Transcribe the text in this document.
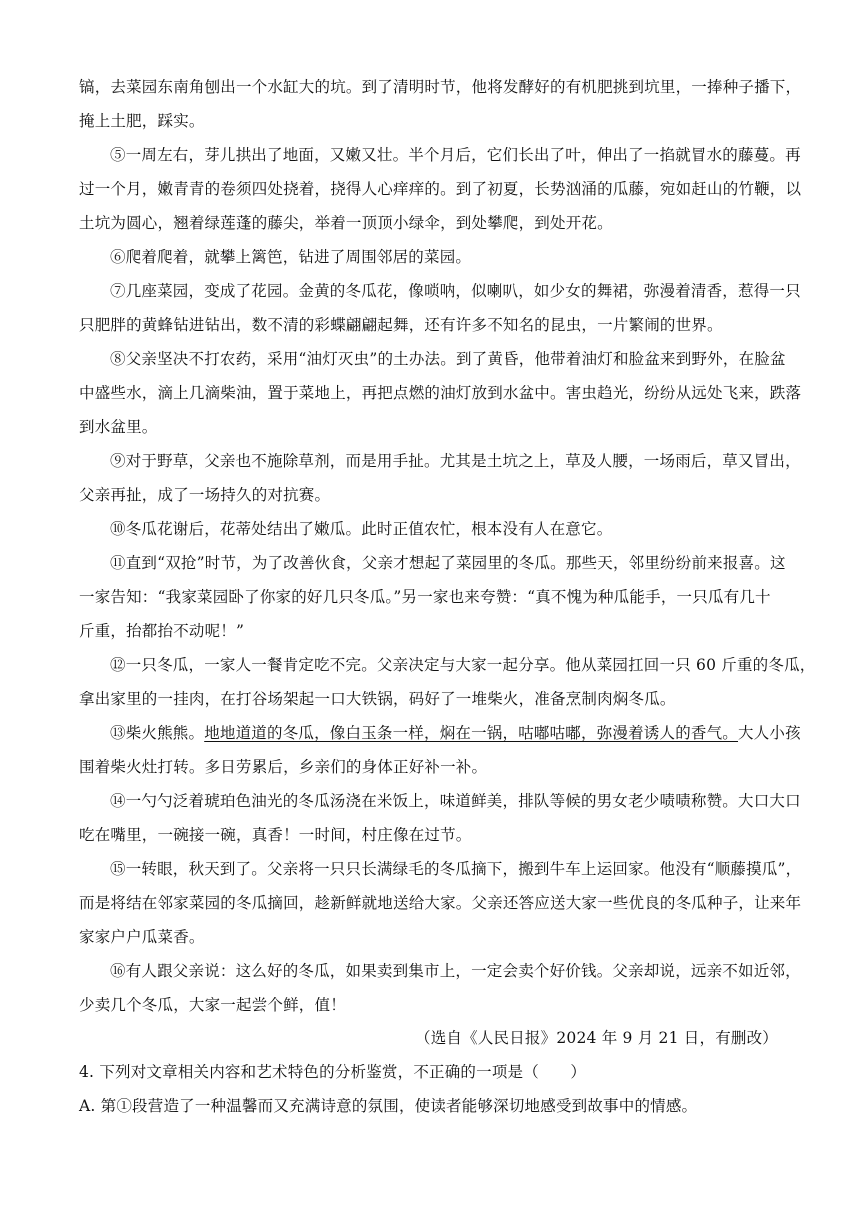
镐，去菜园东南角刨出一个水缸大的坑。到了清明时节，他将发酵好的有机肥挑到坑里，一捧种子播下，
掩上土肥，踩实。
⑤一周左右，芽儿拱出了地面，又嫩又壮。半个月后，它们长出了叶，伸出了一掐就冒水的藤蔓。再
过一个月，嫩青青的卷须四处挠着，挠得人心痒痒的。到了初夏，长势汹涌的瓜藤，宛如赶山的竹鞭，以
土坑为圆心，翘着绿莲蓬的藤尖，举着一顶顶小绿伞，到处攀爬，到处开花。
⑥爬着爬着，就攀上篱笆，钻进了周围邻居的菜园。
⑦几座菜园，变成了花园。金黄的冬瓜花，像唢呐，似喇叭，如少女的舞裙，弥漫着清香，惹得一只
只肥胖的黄蜂钻进钻出，数不清的彩蝶翩翩起舞，还有许多不知名的昆虫，一片繁闹的世界。
⑧父亲坚决不打农药，采用“油灯灭虫”的土办法。到了黄昏，他带着油灯和脸盆来到野外，在脸盆
中盛些水，滴上几滴柴油，置于菜地上，再把点燃的油灯放到水盆中。害虫趋光，纷纷从远处飞来，跌落
到水盆里。
⑨对于野草，父亲也不施除草剂，而是用手扯。尤其是土坑之上，草及人腰，一场雨后，草又冒出，
父亲再扯，成了一场持久的对抗赛。
⑩冬瓜花谢后，花蒂处结出了嫩瓜。此时正值农忙，根本没有人在意它。
⑪直到“双抢”时节，为了改善伙食，父亲才想起了菜园里的冬瓜。那些天，邻里纷纷前来报喜。这
一家告知：“我家菜园卧了你家的好几只冬瓜。”另一家也来夸赞：“真不愧为种瓜能手，一只瓜有几十
斤重，抬都抬不动呢！”
⑫一只冬瓜，一家人一餐肯定吃不完。父亲决定与大家一起分享。他从菜园扛回一只 60 斤重的冬瓜，
拿出家里的一挂肉，在打谷场架起一口大铁锅，码好了一堆柴火，准备烹制肉焖冬瓜。
⑬柴火熊熊。地地道道的冬瓜，像白玉条一样，焖在一锅，咕嘟咕嘟，弥漫着诱人的香气。大人小孩
围着柴火灶打转。多日劳累后，乡亲们的身体正好补一补。
⑭一勺勺泛着琥珀色油光的冬瓜汤浇在米饭上，味道鲜美，排队等候的男女老少啧啧称赞。大口大口
吃在嘴里，一碗接一碗，真香！一时间，村庄像在过节。
⑮一转眼，秋天到了。父亲将一只只长满绿毛的冬瓜摘下，搬到牛车上运回家。他没有“顺藤摸瓜”，
而是将结在邻家菜园的冬瓜摘回，趁新鲜就地送给大家。父亲还答应送大家一些优良的冬瓜种子，让来年
家家户户瓜菜香。
⑯有人跟父亲说：这么好的冬瓜，如果卖到集市上，一定会卖个好价钱。父亲却说，远亲不如近邻，
少卖几个冬瓜，大家一起尝个鲜，值！
（选自《人民日报》2024 年 9 月 21 日，有删改）
4. 下列对文章相关内容和艺术特色的分析鉴赏，不正确的一项是（　　）
A. 第①段营造了一种温馨而又充满诗意的氛围，使读者能够深切地感受到故事中的情感。
